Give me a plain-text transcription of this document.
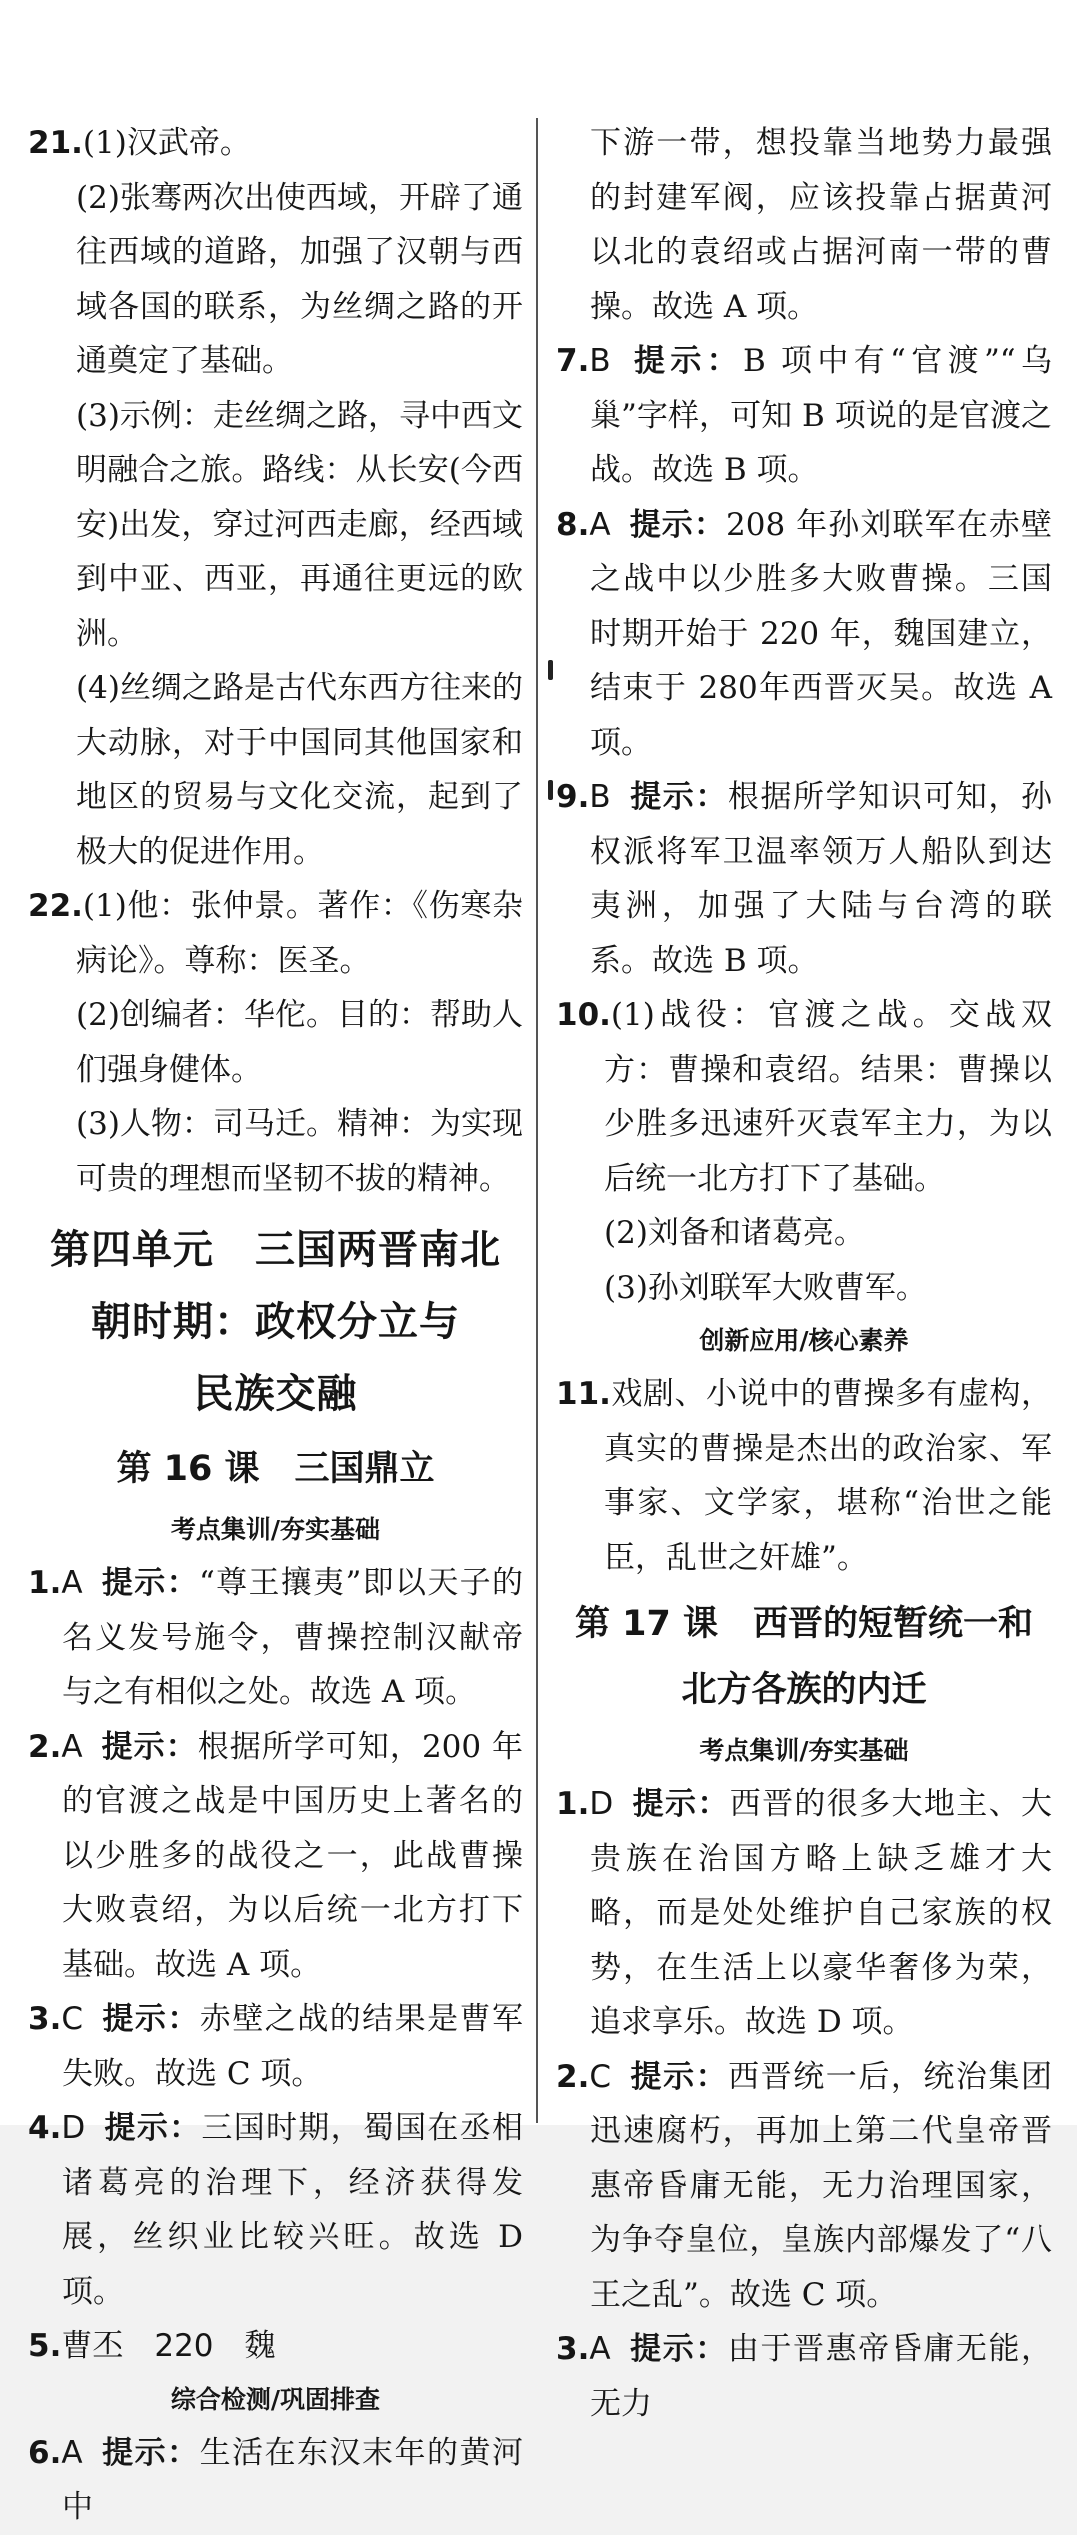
21.(1)汉武帝。

(2)张骞两次出使西域，开辟了通往西域的道路，加强了汉朝与西域各国的联系，为丝绸之路的开通奠定了基础。

(3)示例：走丝绸之路，寻中西文明融合之旅。路线：从长安(今西安)出发，穿过河西走廊，经西域到中亚、西亚，再通往更远的欧洲。

(4)丝绸之路是古代东西方往来的大动脉，对于中国同其他国家和地区的贸易与文化交流，起到了极大的促进作用。

22.(1)他：张仲景。著作：《伤寒杂病论》。尊称：医圣。

(2)创编者：华佗。目的：帮助人们强身健体。

(3)人物：司马迁。精神：为实现可贵的理想而坚韧不拔的精神。

第四单元　三国两晋南北
朝时期：政权分立与
民族交融
第 16 课　三国鼎立
考点集训/夯实基础

1.A 提示：“尊王攘夷”即以天子的名义发号施令，曹操控制汉献帝与之有相似之处。故选 A 项。

2.A 提示：根据所学可知，200 年的官渡之战是中国历史上著名的以少胜多的战役之一，此战曹操大败袁绍，为以后统一北方打下基础。故选 A 项。

3.C 提示：赤壁之战的结果是曹军失败。故选 C 项。

4.D 提示：三国时期，蜀国在丞相诸葛亮的治理下，经济获得发展，丝织业比较兴旺。故选 D 项。

5.曹丕　220　魏

综合检测/巩固排查

6.A 提示：生活在东汉末年的黄河中

下游一带，想投靠当地势力最强的封建军阀，应该投靠占据黄河以北的袁绍或占据河南一带的曹操。故选 A 项。

7.B 提示：B 项中有“官渡”“乌巢”字样，可知 B 项说的是官渡之战。故选 B 项。

8.A 提示：208 年孙刘联军在赤壁之战中以少胜多大败曹操。三国时期开始于 220 年，魏国建立，结束于 280年西晋灭吴。故选 A 项。

9.B 提示：根据所学知识可知，孙权派将军卫温率领万人船队到达夷洲，加强了大陆与台湾的联系。故选 B 项。

10.(1)战役：官渡之战。交战双方：曹操和袁绍。结果：曹操以少胜多迅速歼灭袁军主力，为以后统一北方打下了基础。

(2)刘备和诸葛亮。

(3)孙刘联军大败曹军。

创新应用/核心素养

11.戏剧、小说中的曹操多有虚构，真实的曹操是杰出的政治家、军事家、文学家，堪称“治世之能臣，乱世之奸雄”。

第 17 课　西晋的短暂统一和
北方各族的内迁
考点集训/夯实基础

1.D 提示：西晋的很多大地主、大贵族在治国方略上缺乏雄才大略，而是处处维护自己家族的权势，在生活上以豪华奢侈为荣，追求享乐。故选 D 项。

2.C 提示：西晋统一后，统治集团迅速腐朽，再加上第二代皇帝晋惠帝昏庸无能，无力治理国家，为争夺皇位，皇族内部爆发了“八王之乱”。故选 C 项。

3.A 提示：由于晋惠帝昏庸无能，无力
